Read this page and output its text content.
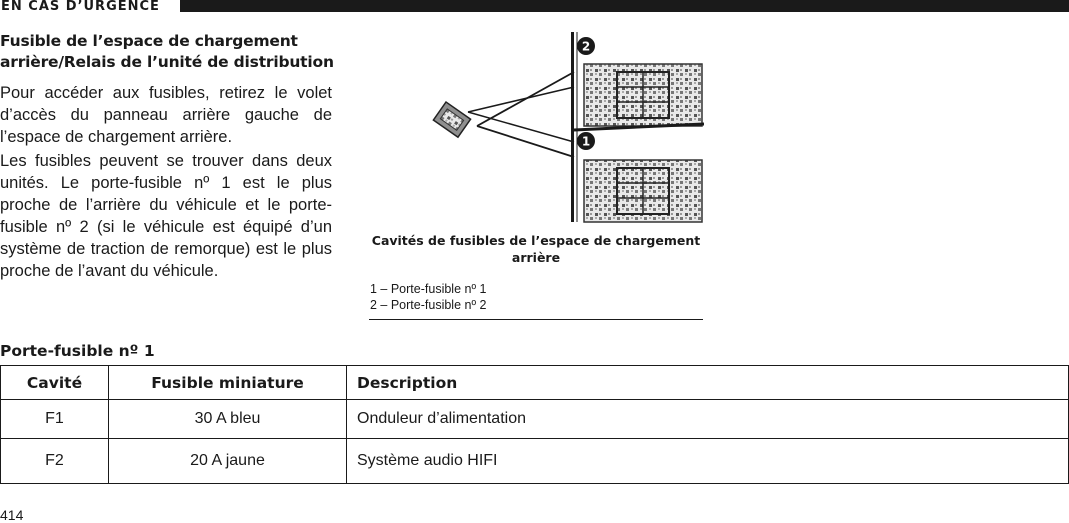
EN CAS D’URGENCE
Fusible de l’espace de chargement
arrière/Relais de l’unité de distribution

Pour accéder aux fusibles, retirez le volet d’accès du panneau arrière gauche de l’espace de chargement arrière.

Les fusibles peuvent se trouver dans deux unités. Le porte-fusible nº 1 est le plus proche de l’arrière du véhicule et le porte-fusible nº 2 (si le véhicule est équipé d’un système de traction de remorque) est le plus proche de l’avant du véhicule.

2
1
Cavités de fusibles de l’espace de chargement arrière
1 – Porte-fusible nº 1
2 – Porte-fusible nº 2
Porte-fusible nº 1
Cavité	Fusible miniature	Description
F1	30 A bleu	Onduleur d’alimentation
F2	20 A jaune	Système audio HIFI
414
